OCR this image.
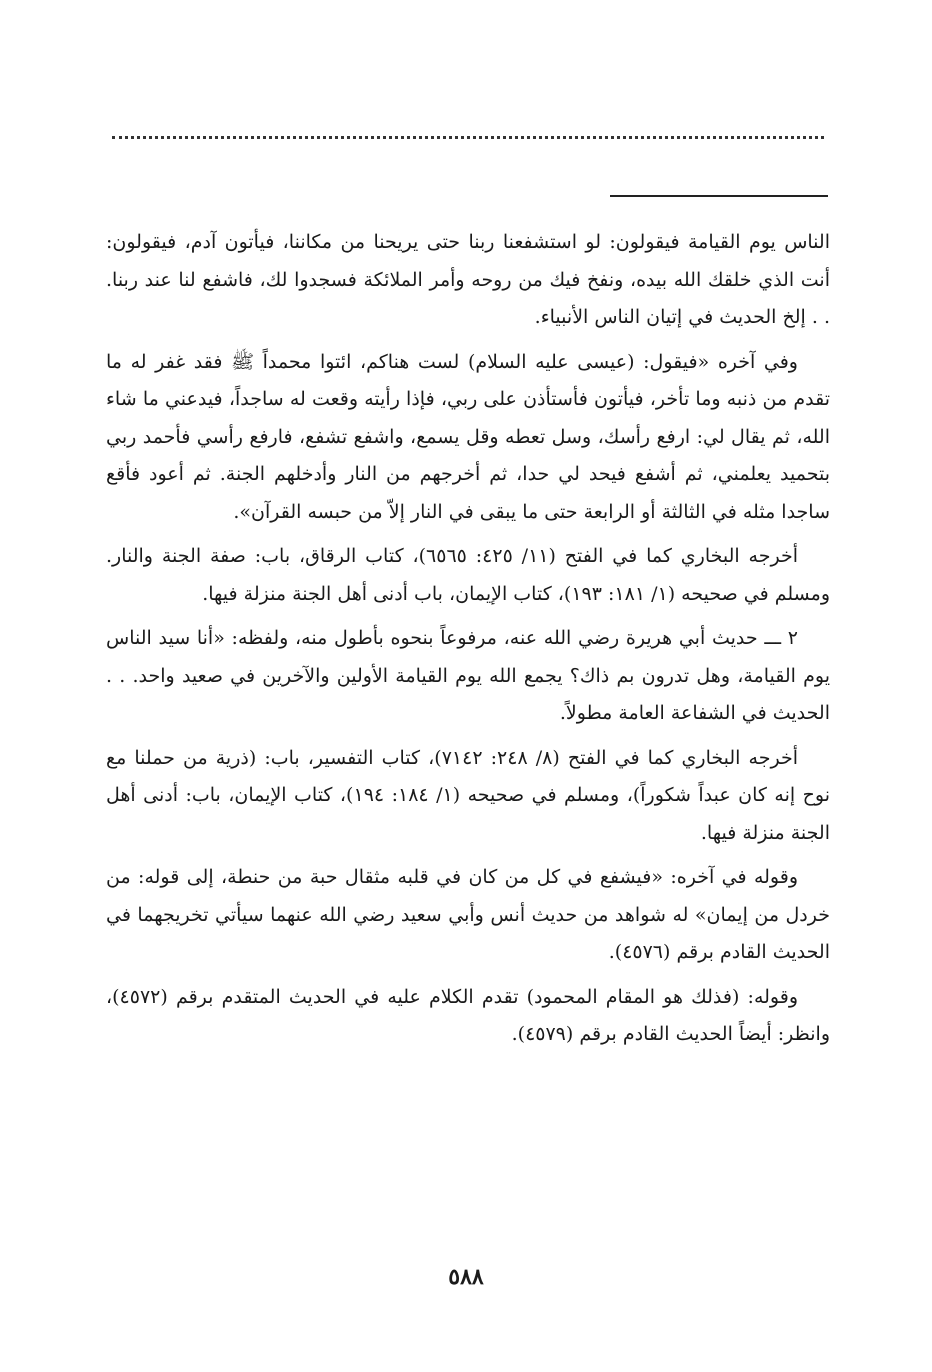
الناس يوم القيامة فيقولون: لو استشفعنا ربنا حتى يريحنا من مكاننا، فيأتون آدم، فيقولون: أنت الذي خلقك الله بيده، ونفخ فيك من روحه وأمر الملائكة فسجدوا لك، فاشفع لنا عند ربنا. . . إلخ الحديث في إتيان الناس الأنبياء.

وفي آخره «فيقول: (عيسى عليه السلام) لست هناكم، ائتوا محمداً ﷺ فقد غفر له ما تقدم من ذنبه وما تأخر، فيأتون فأستأذن على ربي، فإذا رأيته وقعت له ساجداً، فيدعني ما شاء الله، ثم يقال لي: ارفع رأسك، وسل تعطه وقل يسمع، واشفع تشفع، فارفع رأسي فأحمد ربي بتحميد يعلمني، ثم أشفع فيحد لي حدا، ثم أخرجهم من النار وأدخلهم الجنة. ثم أعود فأقع ساجدا مثله في الثالثة أو الرابعة حتى ما يبقى في النار إلاّ من حبسه القرآن».

أخرجه البخاري كما في الفتح (١١/ ٤٢٥: ٦٥٦٥)، كتاب الرقاق، باب: صفة الجنة والنار. ومسلم في صحيحه (١/ ١٨١: ١٩٣)، كتاب الإيمان، باب أدنى أهل الجنة منزلة فيها.

٢ ـــ حديث أبي هريرة رضي الله عنه، مرفوعاً بنحوه بأطول منه، ولفظه: «أنا سيد الناس يوم القيامة، وهل تدرون بم ذاك؟ يجمع الله يوم القيامة الأولين والآخرين في صعيد واحد. . . الحديث في الشفاعة العامة مطولاً.

أخرجه البخاري كما في الفتح (٨/ ٢٤٨: ٧١٤٢)، كتاب التفسير، باب: (ذرية من حملنا مع نوح إنه كان عبداً شكوراً)، ومسلم في صحيحه (١/ ١٨٤: ١٩٤)، كتاب الإيمان، باب: أدنى أهل الجنة منزلة فيها.

وقوله في آخره: «فيشفع في كل من كان في قلبه مثقال حبة من حنطة، إلى قوله: من خردل من إيمان» له شواهد من حديث أنس وأبي سعيد رضي الله عنهما سيأتي تخريجهما في الحديث القادم برقم (٤٥٧٦).

وقوله: (فذلك هو المقام المحمود) تقدم الكلام عليه في الحديث المتقدم برقم (٤٥٧٢)، وانظر: أيضاً الحديث القادم برقم (٤٥٧٩).

٥٨٨
